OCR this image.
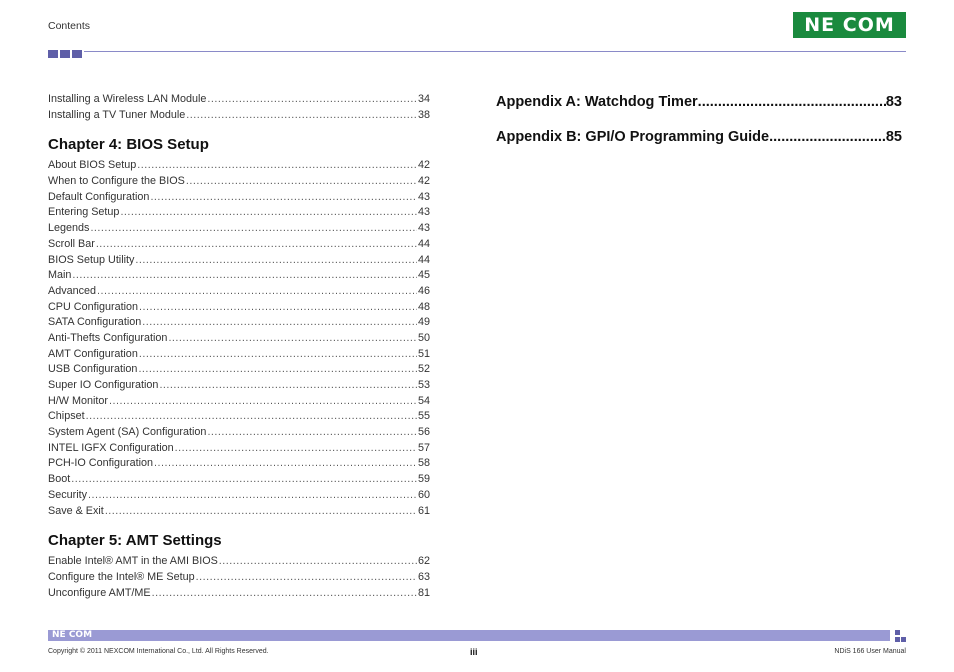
Contents	NE COM
Installing a Wireless LAN Module .....	34
Installing a TV Tuner Module .....	38
Chapter 4: BIOS Setup
About BIOS Setup .....	42
When to Configure the BIOS .....	42
Default Configuration .....	43
Entering Setup .....	43
Legends .....	43
Scroll Bar .....	44
BIOS Setup Utility .....	44
Main .....	45
Advanced .....	46
CPU Configuration .....	48
SATA Configuration .....	49
Anti-Thefts Configuration .....	50
AMT Configuration .....	51
USB Configuration .....	52
Super IO Configuration .....	53
H/W Monitor .....	54
Chipset .....	55
System Agent (SA) Configuration .....	56
INTEL IGFX Configuration .....	57
PCH-IO Configuration .....	58
Boot .....	59
Security .....	60
Save & Exit .....	61
Chapter 5: AMT Settings
Enable Intel® AMT in the AMI BIOS .....	62
Configure the Intel® ME Setup .....	63
Unconfigure AMT/ME .....	81
Appendix A: Watchdog Timer .....	83
Appendix B: GPI/O Programming Guide .....	85
NE COM
Copyright © 2011 NEXCOM International Co., Ltd. All Rights Reserved.	iii	NDiS 166 User Manual
